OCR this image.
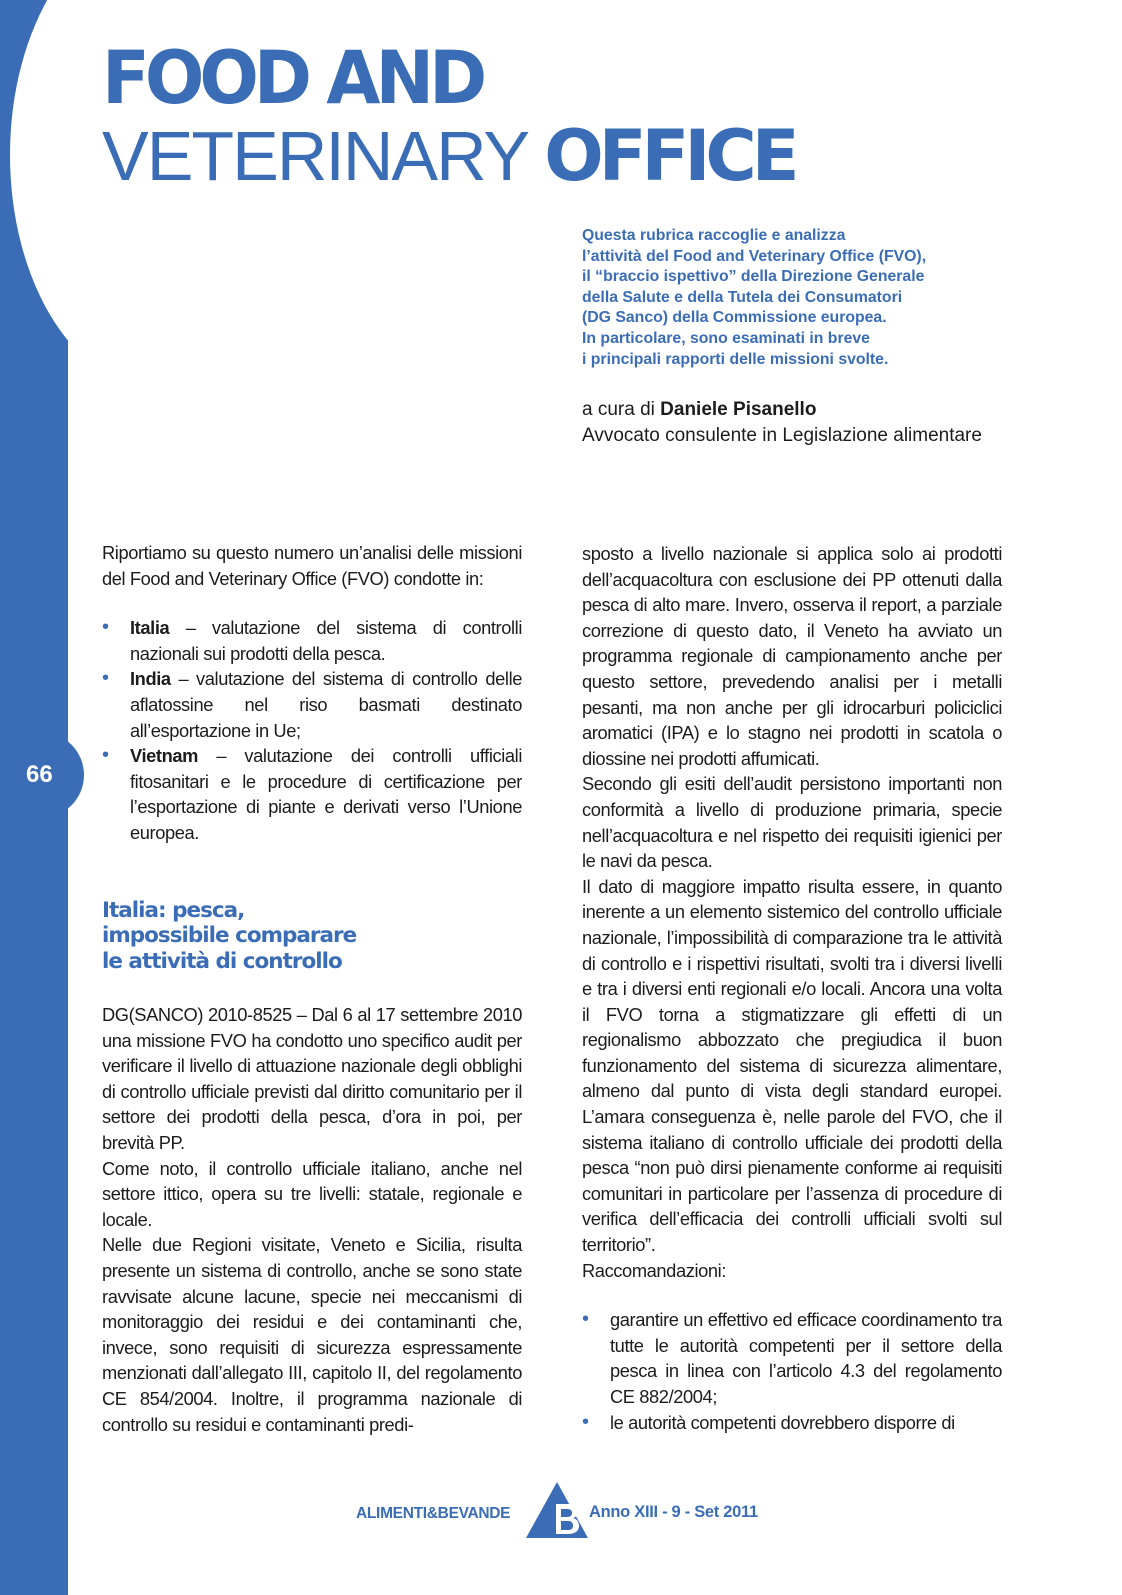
66
FOOD AND
VETERINARY OFFICE

Questa rubrica raccoglie e analizza

l’attività del Food and Veterinary Office (FVO),

il “braccio ispettivo” della Direzione Generale

della Salute e della Tutela dei Consumatori

(DG Sanco) della Commissione europea.

In particolare, sono esaminati in breve

i principali rapporti delle missioni svolte.

a cura di Daniele Pisanello
Avvocato consulente in Legislazione alimentare

Riportiamo su questo numero un’analisi delle missioni del Food and Veterinary Office (FVO) condotte in:

• Italia – valutazione del sistema di controlli nazionali sui prodotti della pesca.
• India – valutazione del sistema di controllo delle aflatossine nel riso basmati destinato all’esportazione in Ue;
• Vietnam – valutazione dei controlli ufficiali fitosanitari e le procedure di certificazione per l’esportazione di piante e derivati verso l’Unione europea.
Italia: pesca,
impossibile comparare
le attività di controllo

DG(SANCO) 2010-8525 – Dal 6 al 17 settembre 2010 una missione FVO ha condotto uno specifico audit per verificare il livello di attuazione nazionale degli obblighi di controllo ufficiale previsti dal diritto comunitario per il settore dei prodotti della pesca, d’ora in poi, per brevità PP.

Come noto, il controllo ufficiale italiano, anche nel settore ittico, opera su tre livelli: statale, regionale e locale.

Nelle due Regioni visitate, Veneto e Sicilia, risulta presente un sistema di controllo, anche se sono state ravvisate alcune lacune, specie nei meccanismi di monitoraggio dei residui e dei contaminanti che, invece, sono requisiti di sicurezza espressamente menzionati dall’allegato III, capitolo II, del regolamento CE 854/2004. Inoltre, il programma nazionale di controllo su residui e contaminanti predi-

sposto a livello nazionale si applica solo ai prodotti dell’acquacoltura con esclusione dei PP ottenuti dalla pesca di alto mare. Invero, osserva il report, a parziale correzione di questo dato, il Veneto ha avviato un programma regionale di campionamento anche per questo settore, prevedendo analisi per i metalli pesanti, ma non anche per gli idrocarburi policiclici aromatici (IPA) e lo stagno nei prodotti in scatola o diossine nei prodotti affumicati.

Secondo gli esiti dell’audit persistono importanti non conformità a livello di produzione primaria, specie nell’acquacoltura e nel rispetto dei requisiti igienici per le navi da pesca.

Il dato di maggiore impatto risulta essere, in quanto inerente a un elemento sistemico del controllo ufficiale nazionale, l’impossibilità di comparazione tra le attività di controllo e i rispettivi risultati, svolti tra i diversi livelli e tra i diversi enti regionali e/o locali. Ancora una volta il FVO torna a stigmatizzare gli effetti di un regionalismo abbozzato che pregiudica il buon funzionamento del sistema di sicurezza alimentare, almeno dal punto di vista degli standard europei. L’amara conseguenza è, nelle parole del FVO, che il sistema italiano di controllo ufficiale dei prodotti della pesca “non può dirsi pienamente conforme ai requisiti comunitari in particolare per l’assenza di procedure di verifica dell’efficacia dei controlli ufficiali svolti sul territorio”.

Raccomandazioni:

• garantire un effettivo ed efficace coordinamento tra tutte le autorità competenti per il settore della pesca in linea con l’articolo 4.3 del regolamento CE 882/2004;
• le autorità competenti dovrebbero disporre di
ALIMENTI&BEVANDE	Anno XIII - 9 - Set 2011
